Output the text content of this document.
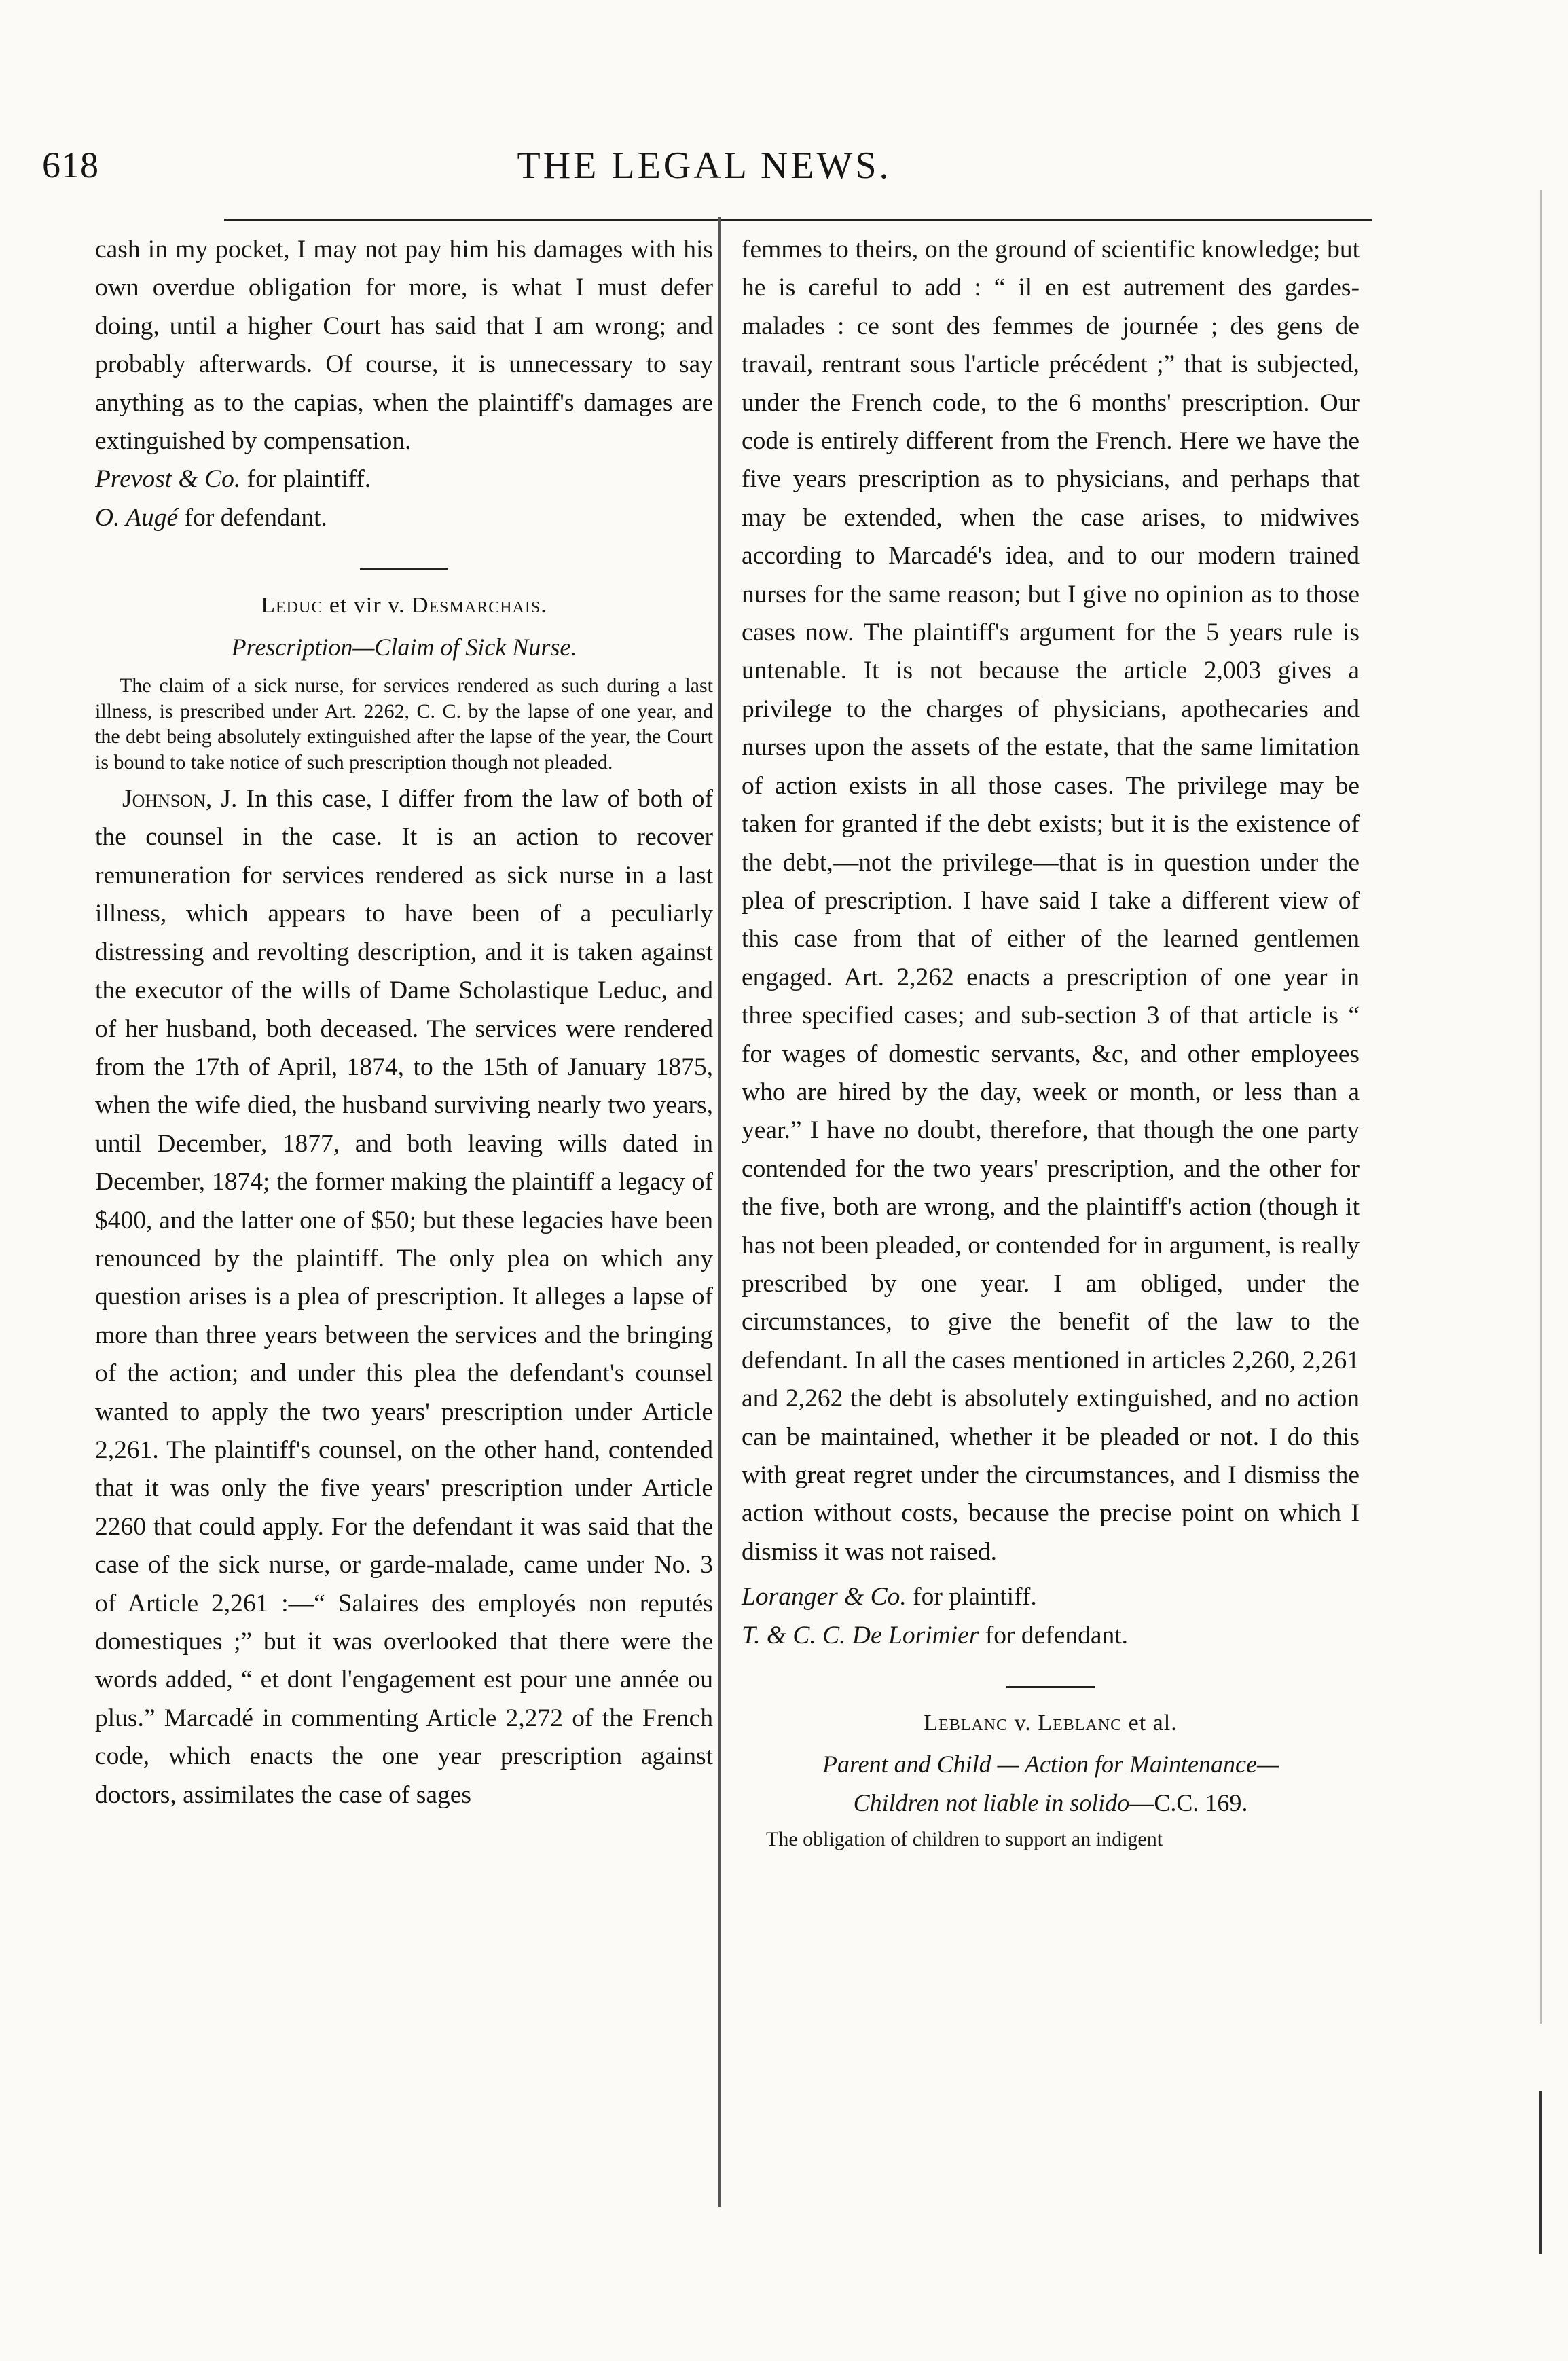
618	THE LEGAL NEWS.

cash in my pocket, I may not pay him his damages with his own overdue obligation for more, is what I must defer doing, until a higher Court has said that I am wrong; and probably afterwards. Of course, it is unnecessary to say anything as to the capias, when the plaintiff's damages are extinguished by compensation.

Prevost & Co. for plaintiff.

O. Augé for defendant.

Leduc et vir v. Desmarchais.
Prescription—Claim of Sick Nurse.
The claim of a sick nurse, for services rendered as such during a last illness, is prescribed under Art. 2262, C. C. by the lapse of one year, and the debt being absolutely extinguished after the lapse of the year, the Court is bound to take notice of such prescription though not pleaded.

Johnson, J. In this case, I differ from the law of both of the counsel in the case. It is an action to recover remuneration for services rendered as sick nurse in a last illness, which appears to have been of a peculiarly distressing and revolting description, and it is taken against the executor of the wills of Dame Scholastique Leduc, and of her husband, both deceased. The services were rendered from the 17th of April, 1874, to the 15th of January 1875, when the wife died, the husband surviving nearly two years, until December, 1877, and both leaving wills dated in December, 1874; the former making the plaintiff a legacy of $400, and the latter one of $50; but these legacies have been renounced by the plaintiff. The only plea on which any question arises is a plea of prescription. It alleges a lapse of more than three years between the services and the bringing of the action; and under this plea the defendant's counsel wanted to apply the two years' prescription under Article 2,261. The plaintiff's counsel, on the other hand, contended that it was only the five years' prescription under Article 2260 that could apply. For the defendant it was said that the case of the sick nurse, or garde-malade, came under No. 3 of Article 2,261 :—“ Salaires des employés non reputés domestiques ;” but it was overlooked that there were the words added, “ et dont l'engagement est pour une année ou plus.” Marcadé in commenting Article 2,272 of the French code, which enacts the one year prescription against doctors, assimilates the case of sages

femmes to theirs, on the ground of scientific knowledge; but he is careful to add : “ il en est autrement des gardes-malades : ce sont des femmes de journée ; des gens de travail, rentrant sous l'article précédent ;” that is subjected, under the French code, to the 6 months' prescription. Our code is entirely different from the French. Here we have the five years prescription as to physicians, and perhaps that may be extended, when the case arises, to midwives according to Marcadé's idea, and to our modern trained nurses for the same reason; but I give no opinion as to those cases now. The plaintiff's argument for the 5 years rule is untenable. It is not because the article 2,003 gives a privilege to the charges of physicians, apothecaries and nurses upon the assets of the estate, that the same limitation of action exists in all those cases. The privilege may be taken for granted if the debt exists; but it is the existence of the debt,—not the privilege—that is in question under the plea of prescription. I have said I take a different view of this case from that of either of the learned gentlemen engaged. Art. 2,262 enacts a prescription of one year in three specified cases; and sub-section 3 of that article is “ for wages of domestic servants, &c, and other employees who are hired by the day, week or month, or less than a year.” I have no doubt, therefore, that though the one party contended for the two years' prescription, and the other for the five, both are wrong, and the plaintiff's action (though it has not been pleaded, or contended for in argument, is really prescribed by one year. I am obliged, under the circumstances, to give the benefit of the law to the defendant. In all the cases mentioned in articles 2,260, 2,261 and 2,262 the debt is absolutely extinguished, and no action can be maintained, whether it be pleaded or not. I do this with great regret under the circumstances, and I dismiss the action without costs, because the precise point on which I dismiss it was not raised.

Loranger & Co. for plaintiff.

T. & C. C. De Lorimier for defendant.

Leblanc v. Leblanc et al.
Parent and Child — Action for Maintenance—
Children not liable in solido—C.C. 169.
The obligation of children to support an indigent
